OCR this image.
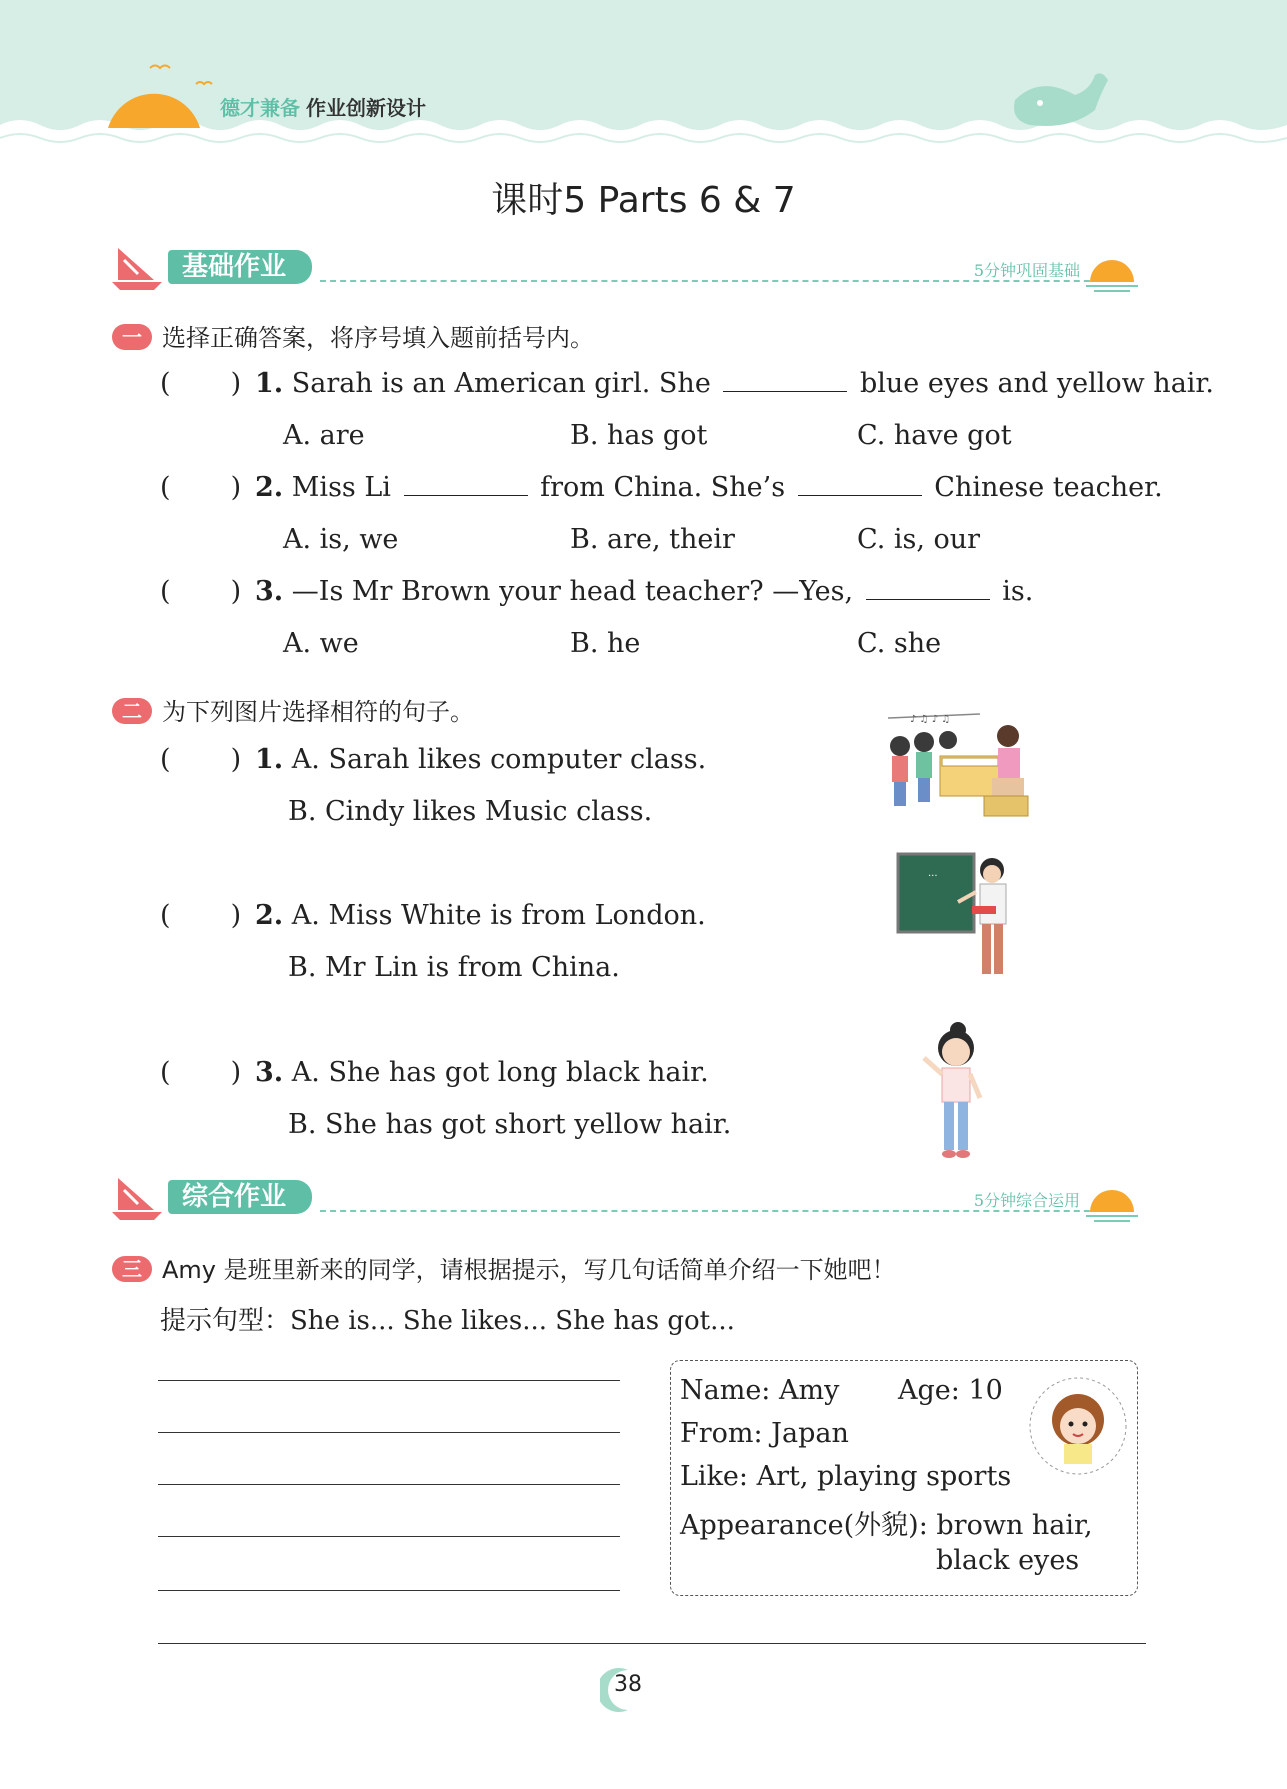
德才兼备 作业创新设计
课时5 Parts 6 & 7
基础作业	5分钟巩固基础
一 选择正确答案，将序号填入题前括号内。
(       ) 1. Sarah is an American girl. She	blue eyes and yellow hair.
A. are	B. has got	C. have got
(       ) 2. Miss Li	from China. She’s	Chinese teacher.
A. is, we	B. are, their	C. is, our
(       ) 3. —Is Mr Brown your head teacher? —Yes,	is.
A. we	B. he	C. she
二 为下列图片选择相符的句子。
(       ) 1. A. Sarah likes computer class.
B. Cindy likes Music class.
(       ) 2. A. Miss White is from London.
B. Mr Lin is from China.
(       ) 3. A. She has got long black hair.
B. She has got short yellow hair.
♪ ♫ ♪ ♫
...
综合作业	5分钟综合运用
三 Amy 是班里新来的同学，请根据提示，写几句话简单介绍一下她吧！
提示句型：She is... She likes... She has got...
Name: Amy Age: 10
From: Japan
Like: Art, playing sports
Appearance(外貌): brown hair,
black eyes
38
